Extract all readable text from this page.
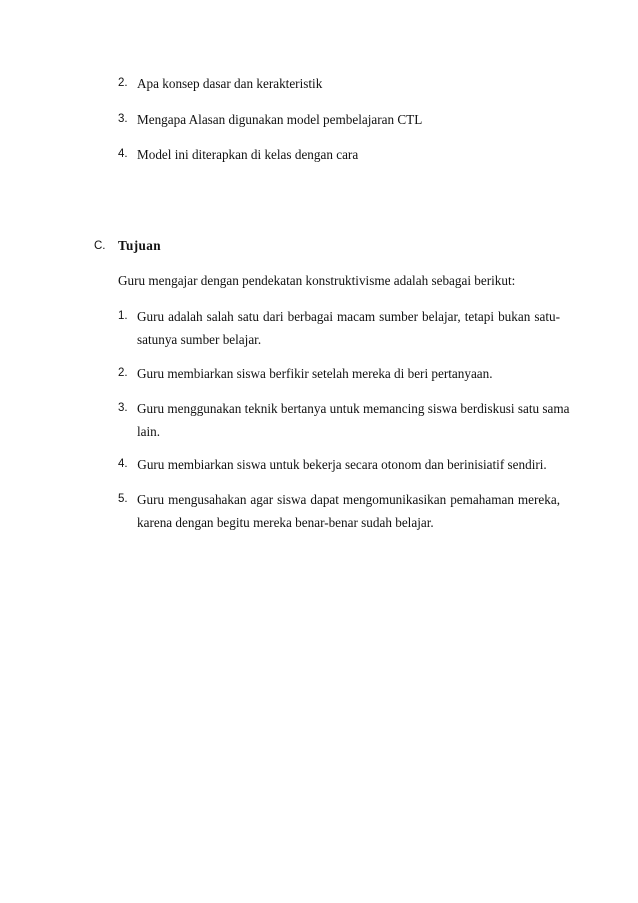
2. Apa konsep dasar dan kerakteristik
3. Mengapa Alasan digunakan model pembelajaran CTL
4. Model ini diterapkan di kelas dengan cara
C. Tujuan
Guru mengajar dengan pendekatan konstruktivisme adalah sebagai berikut:
1. Guru adalah salah satu dari berbagai macam sumber belajar, tetapi bukan satu-
satunya sumber belajar.
2. Guru membiarkan siswa berfikir setelah mereka di beri pertanyaan.
3. Guru menggunakan teknik bertanya untuk memancing siswa berdiskusi satu sama
lain.
4. Guru membiarkan siswa untuk bekerja secara otonom dan berinisiatif sendiri.
5. Guru mengusahakan agar siswa dapat mengomunikasikan pemahaman mereka,
karena dengan begitu mereka benar-benar sudah belajar.
